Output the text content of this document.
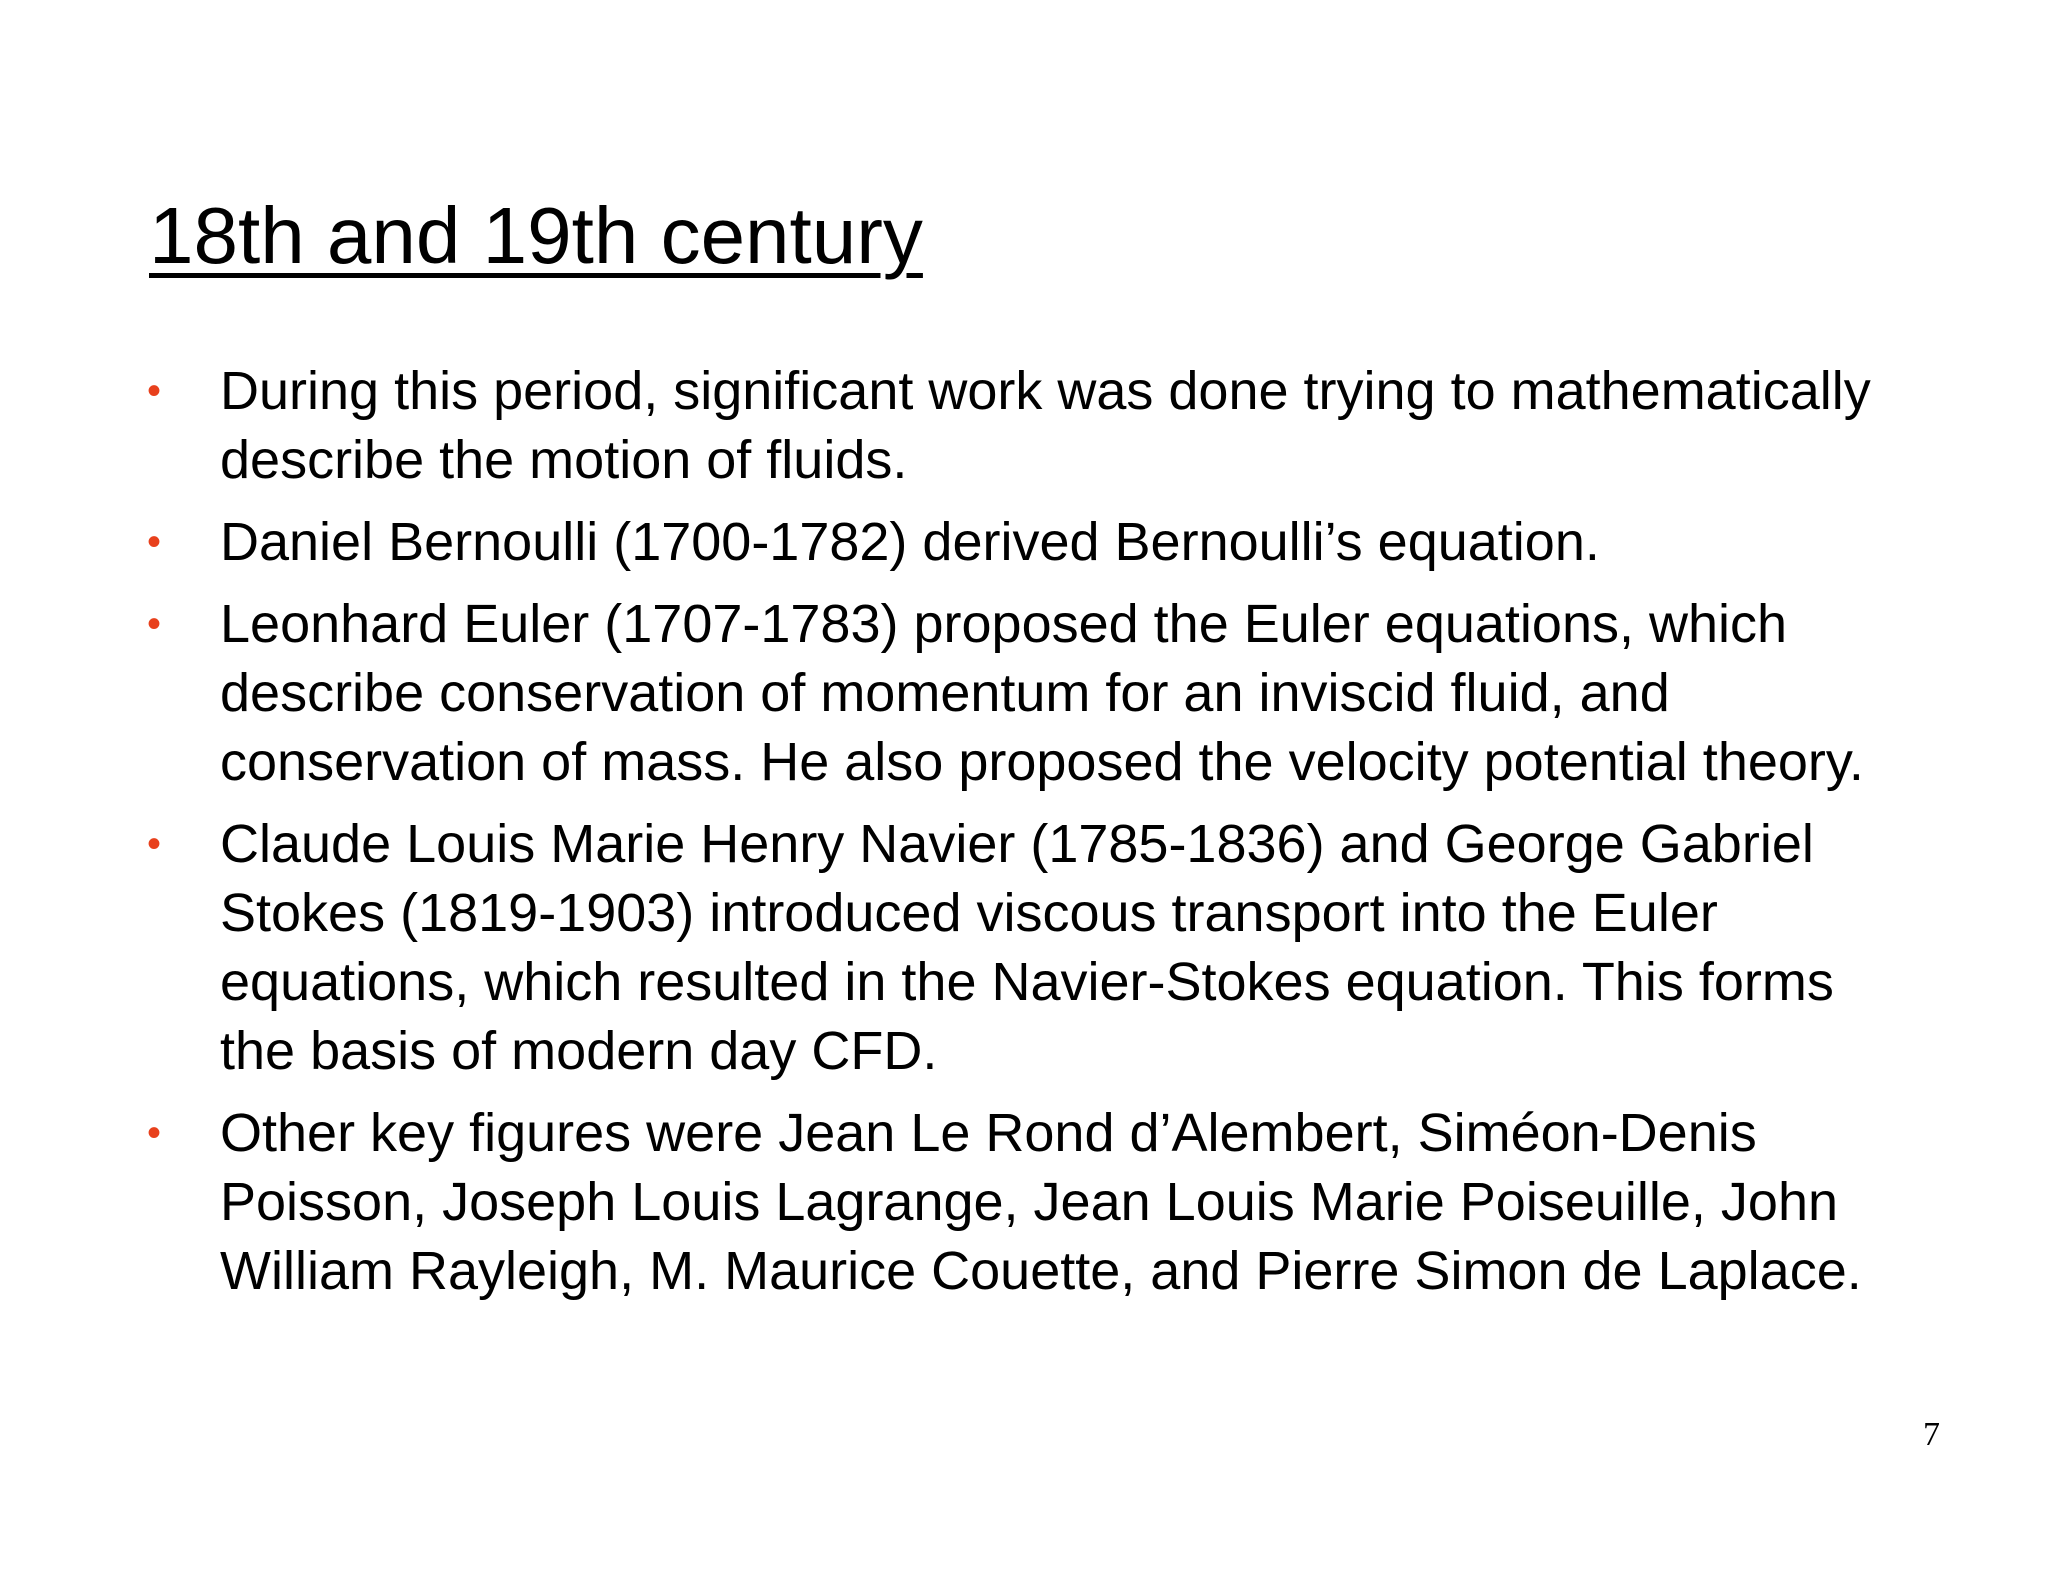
18th and 19th century
• During this period, significant work was done trying to mathematically describe the motion of fluids.
• Daniel Bernoulli (1700-1782) derived Bernoulli’s equation.
• Leonhard Euler (1707-1783) proposed the Euler equations, which describe conservation of momentum for an inviscid fluid, and conservation of mass. He also proposed the velocity potential theory.
• Claude Louis Marie Henry Navier (1785-1836) and George Gabriel Stokes (1819-1903) introduced viscous transport into the Euler equations, which resulted in the Navier-Stokes equation. This forms the basis of modern day CFD.
• Other key figures were Jean Le Rond d’Alembert, Siméon-Denis Poisson, Joseph Louis Lagrange, Jean Louis Marie Poiseuille, John William Rayleigh, M. Maurice Couette, and Pierre Simon de Laplace.
7
